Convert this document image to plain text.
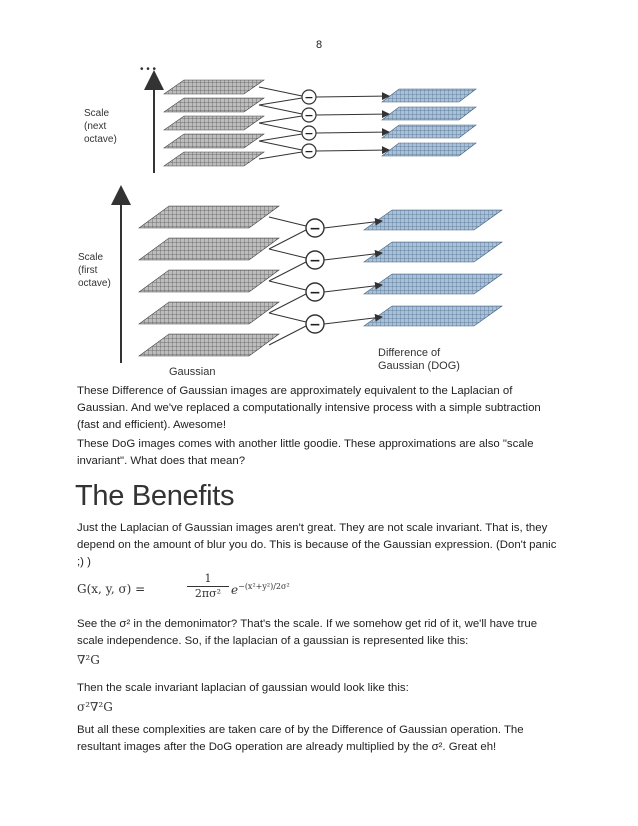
8
• • •
Scale
(next
octave)
Scale
(first
octave)
−
−
−
−
−
−
−
−
Gaussian
Difference of
Gaussian (DOG)

These Difference of Gaussian images are approximately equivalent to the Laplacian of
Gaussian. And we've replaced a computationally intensive process with a simple subtraction
(fast and efficient). Awesome!

These DoG images comes with another little goodie. These approximations are also "scale
invariant". What does that mean?

The Benefits

Just the Laplacian of Gaussian images aren't great. They are not scale invariant. That is, they
depend on the amount of blur you do. This is because of the Gaussian expression. (Don't panic
;) )

G(x, y, σ) =	$\frac{1}{\text{2πσ²}} e^{-(x^2+y^2)/2\sigma^2}$

See the σ² in the demonimator? That's the scale. If we somehow get rid of it, we'll have true
scale independence. So, if the laplacian of a gaussian is represented like this:

∇²G

Then the scale invariant laplacian of gaussian would look like this:

σ²∇²G

But all these complexities are taken care of by the Difference of Gaussian operation. The
resultant images after the DoG operation are already multiplied by the σ². Great eh!
